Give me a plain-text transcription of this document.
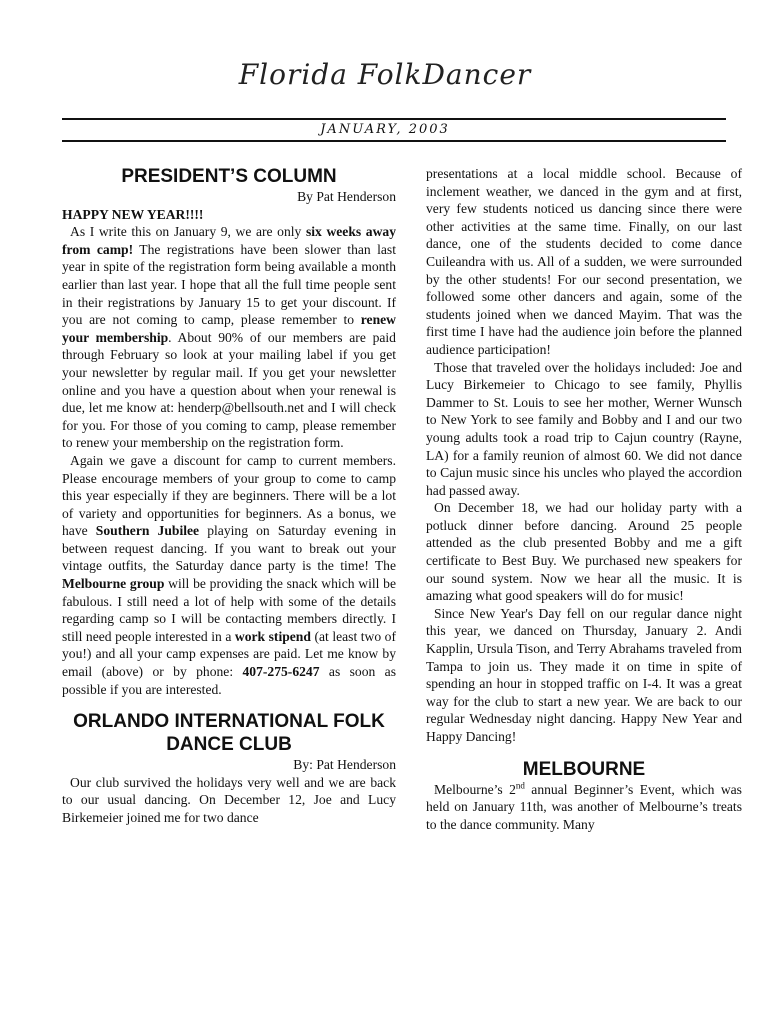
Florida FolkDancer
JANUARY, 2003
PRESIDENT’S COLUMN

By Pat Henderson

HAPPY NEW YEAR!!!!

As I write this on January 9, we are only six weeks away from camp! The registrations have been slower than last year in spite of the registration form being available a month earlier than last year. I hope that all the full time people sent in their registrations by January 15 to get your discount. If you are not coming to camp, please remember to renew your membership. About 90% of our members are paid through February so look at your mailing label if you get your newsletter by regular mail. If you get your newsletter online and you have a question about when your renewal is due, let me know at: henderp@bellsouth.net and I will check for you. For those of you coming to camp, please remember to renew your membership on the registration form.

Again we gave a discount for camp to current members. Please encourage members of your group to come to camp this year especially if they are beginners. There will be a lot of variety and opportunities for beginners. As a bonus, we have Southern Jubilee playing on Saturday evening in between request dancing. If you want to break out your vintage outfits, the Saturday dance party is the time! The Melbourne group will be providing the snack which will be fabulous. I still need a lot of help with some of the details regarding camp so I will be contacting members directly. I still need people interested in a work stipend (at least two of you!) and all your camp expenses are paid. Let me know by email (above) or by phone: 407-275-6247 as soon as possible if you are interested.

ORLANDO INTERNATIONAL FOLK DANCE CLUB

By: Pat Henderson

Our club survived the holidays very well and we are back to our usual dancing. On December 12, Joe and Lucy Birkemeier joined me for two dance

presentations at a local middle school. Because of inclement weather, we danced in the gym and at first, very few students noticed us dancing since there were other activities at the same time. Finally, on our last dance, one of the students decided to come dance Cuileandra with us. All of a sudden, we were surrounded by the other students! For our second presentation, we followed some other dancers and again, some of the students joined when we danced Mayim. That was the first time I have had the audience join before the planned audience participation!

Those that traveled over the holidays included: Joe and Lucy Birkemeier to Chicago to see family, Phyllis Dammer to St. Louis to see her mother, Werner Wunsch to New York to see family and Bobby and I and our two young adults took a road trip to Cajun country (Rayne, LA) for a family reunion of almost 60. We did not dance to Cajun music since his uncles who played the accordion had passed away.

On December 18, we had our holiday party with a potluck dinner before dancing. Around 25 people attended as the club presented Bobby and me a gift certificate to Best Buy. We purchased new speakers for our sound system. Now we hear all the music. It is amazing what good speakers will do for music!

Since New Year's Day fell on our regular dance night this year, we danced on Thursday, January 2. Andi Kapplin, Ursula Tison, and Terry Abrahams traveled from Tampa to join us. They made it on time in spite of spending an hour in stopped traffic on I-4. It was a great way for the club to start a new year. We are back to our regular Wednesday night dancing. Happy New Year and Happy Dancing!

MELBOURNE

Melbourne’s 2nd annual Beginner’s Event, which was held on January 11th, was another of Melbourne’s treats to the dance community. Many
